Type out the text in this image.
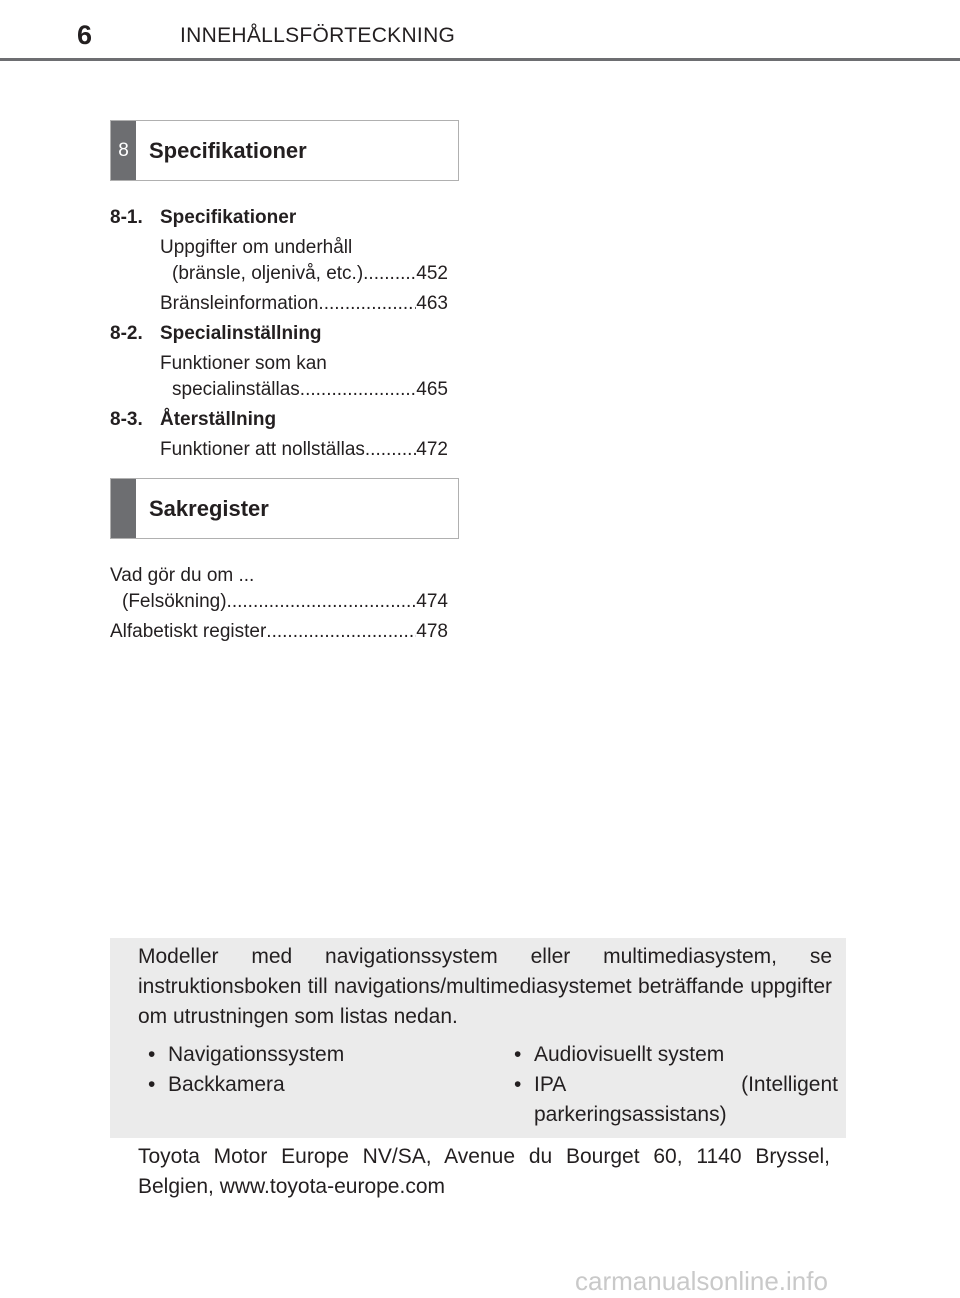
6	INNEHÅLLSFÖRTECKNING
8 Specifikationer
8-1. Specifikationer
Uppgifter om underhåll
(bränsle, oljenivå, etc.) .....	452
Bränsleinformation .....	463
8-2. Specialinställning
Funktioner som kan
specialinställas .....	465
8-3. Återställning
Funktioner att nollställas .....	472
Sakregister
Vad gör du om ...
(Felsökning) .....	474
Alfabetiskt register .....	478
Modeller med navigationssystem eller multimediasystem, se instruktionsboken till navigations/multimediasystemet beträffande uppgifter om utrustningen som listas nedan.
• Navigationssystem
• Backkamera
• Audiovisuellt system
• IPA (Intelligent parkeringsassistans)
Toyota Motor Europe NV/SA, Avenue du Bourget 60, 1140 Bryssel, Belgien, www.toyota-europe.com
carmanualsonline.info
